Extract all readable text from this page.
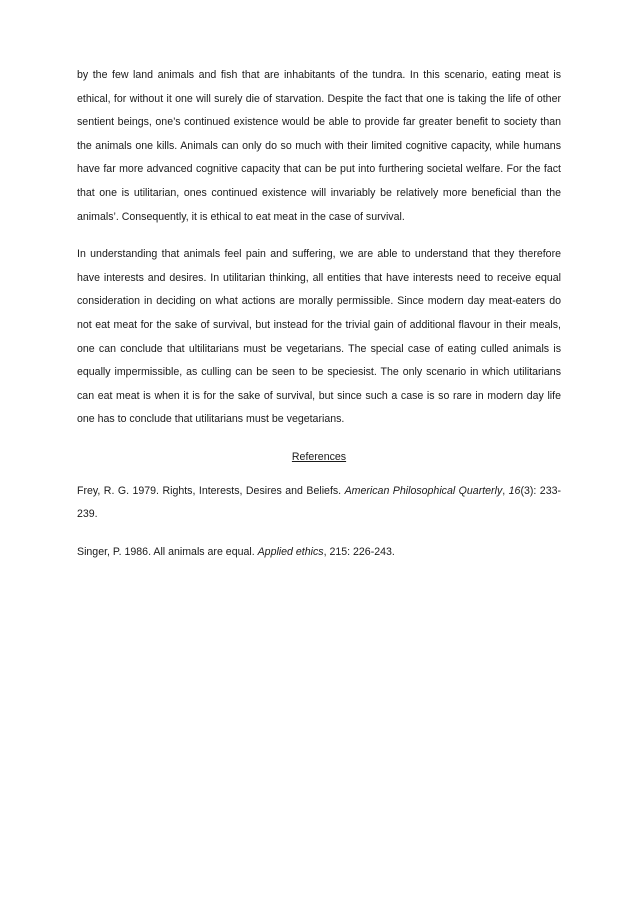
by the few land animals and fish that are inhabitants of the tundra. In this scenario, eating meat is ethical, for without it one will surely die of starvation. Despite the fact that one is taking the life of other sentient beings, one’s continued existence would be able to provide far greater benefit to society than the animals one kills. Animals can only do so much with their limited cognitive capacity, while humans have far more advanced cognitive capacity that can be put into furthering societal welfare. For the fact that one is utilitarian, ones continued existence will invariably be relatively more beneficial than the animals’. Consequently, it is ethical to eat meat in the case of survival.

In understanding that animals feel pain and suffering, we are able to understand that they therefore have interests and desires. In utilitarian thinking, all entities that have interests need to receive equal consideration in deciding on what actions are morally permissible. Since modern day meat-eaters do not eat meat for the sake of survival, but instead for the trivial gain of additional flavour in their meals, one can conclude that ultilitarians must be vegetarians. The special case of eating culled animals is equally impermissible, as culling can be seen to be speciesist. The only scenario in which utilitarians can eat meat is when it is for the sake of survival, but since such a case is so rare in modern day life one has to conclude that utilitarians must be vegetarians.

References

Frey, R. G. 1979. Rights, Interests, Desires and Beliefs. American Philosophical Quarterly, 16(3): 233-239.

Singer, P. 1986. All animals are equal. Applied ethics, 215: 226-243.
